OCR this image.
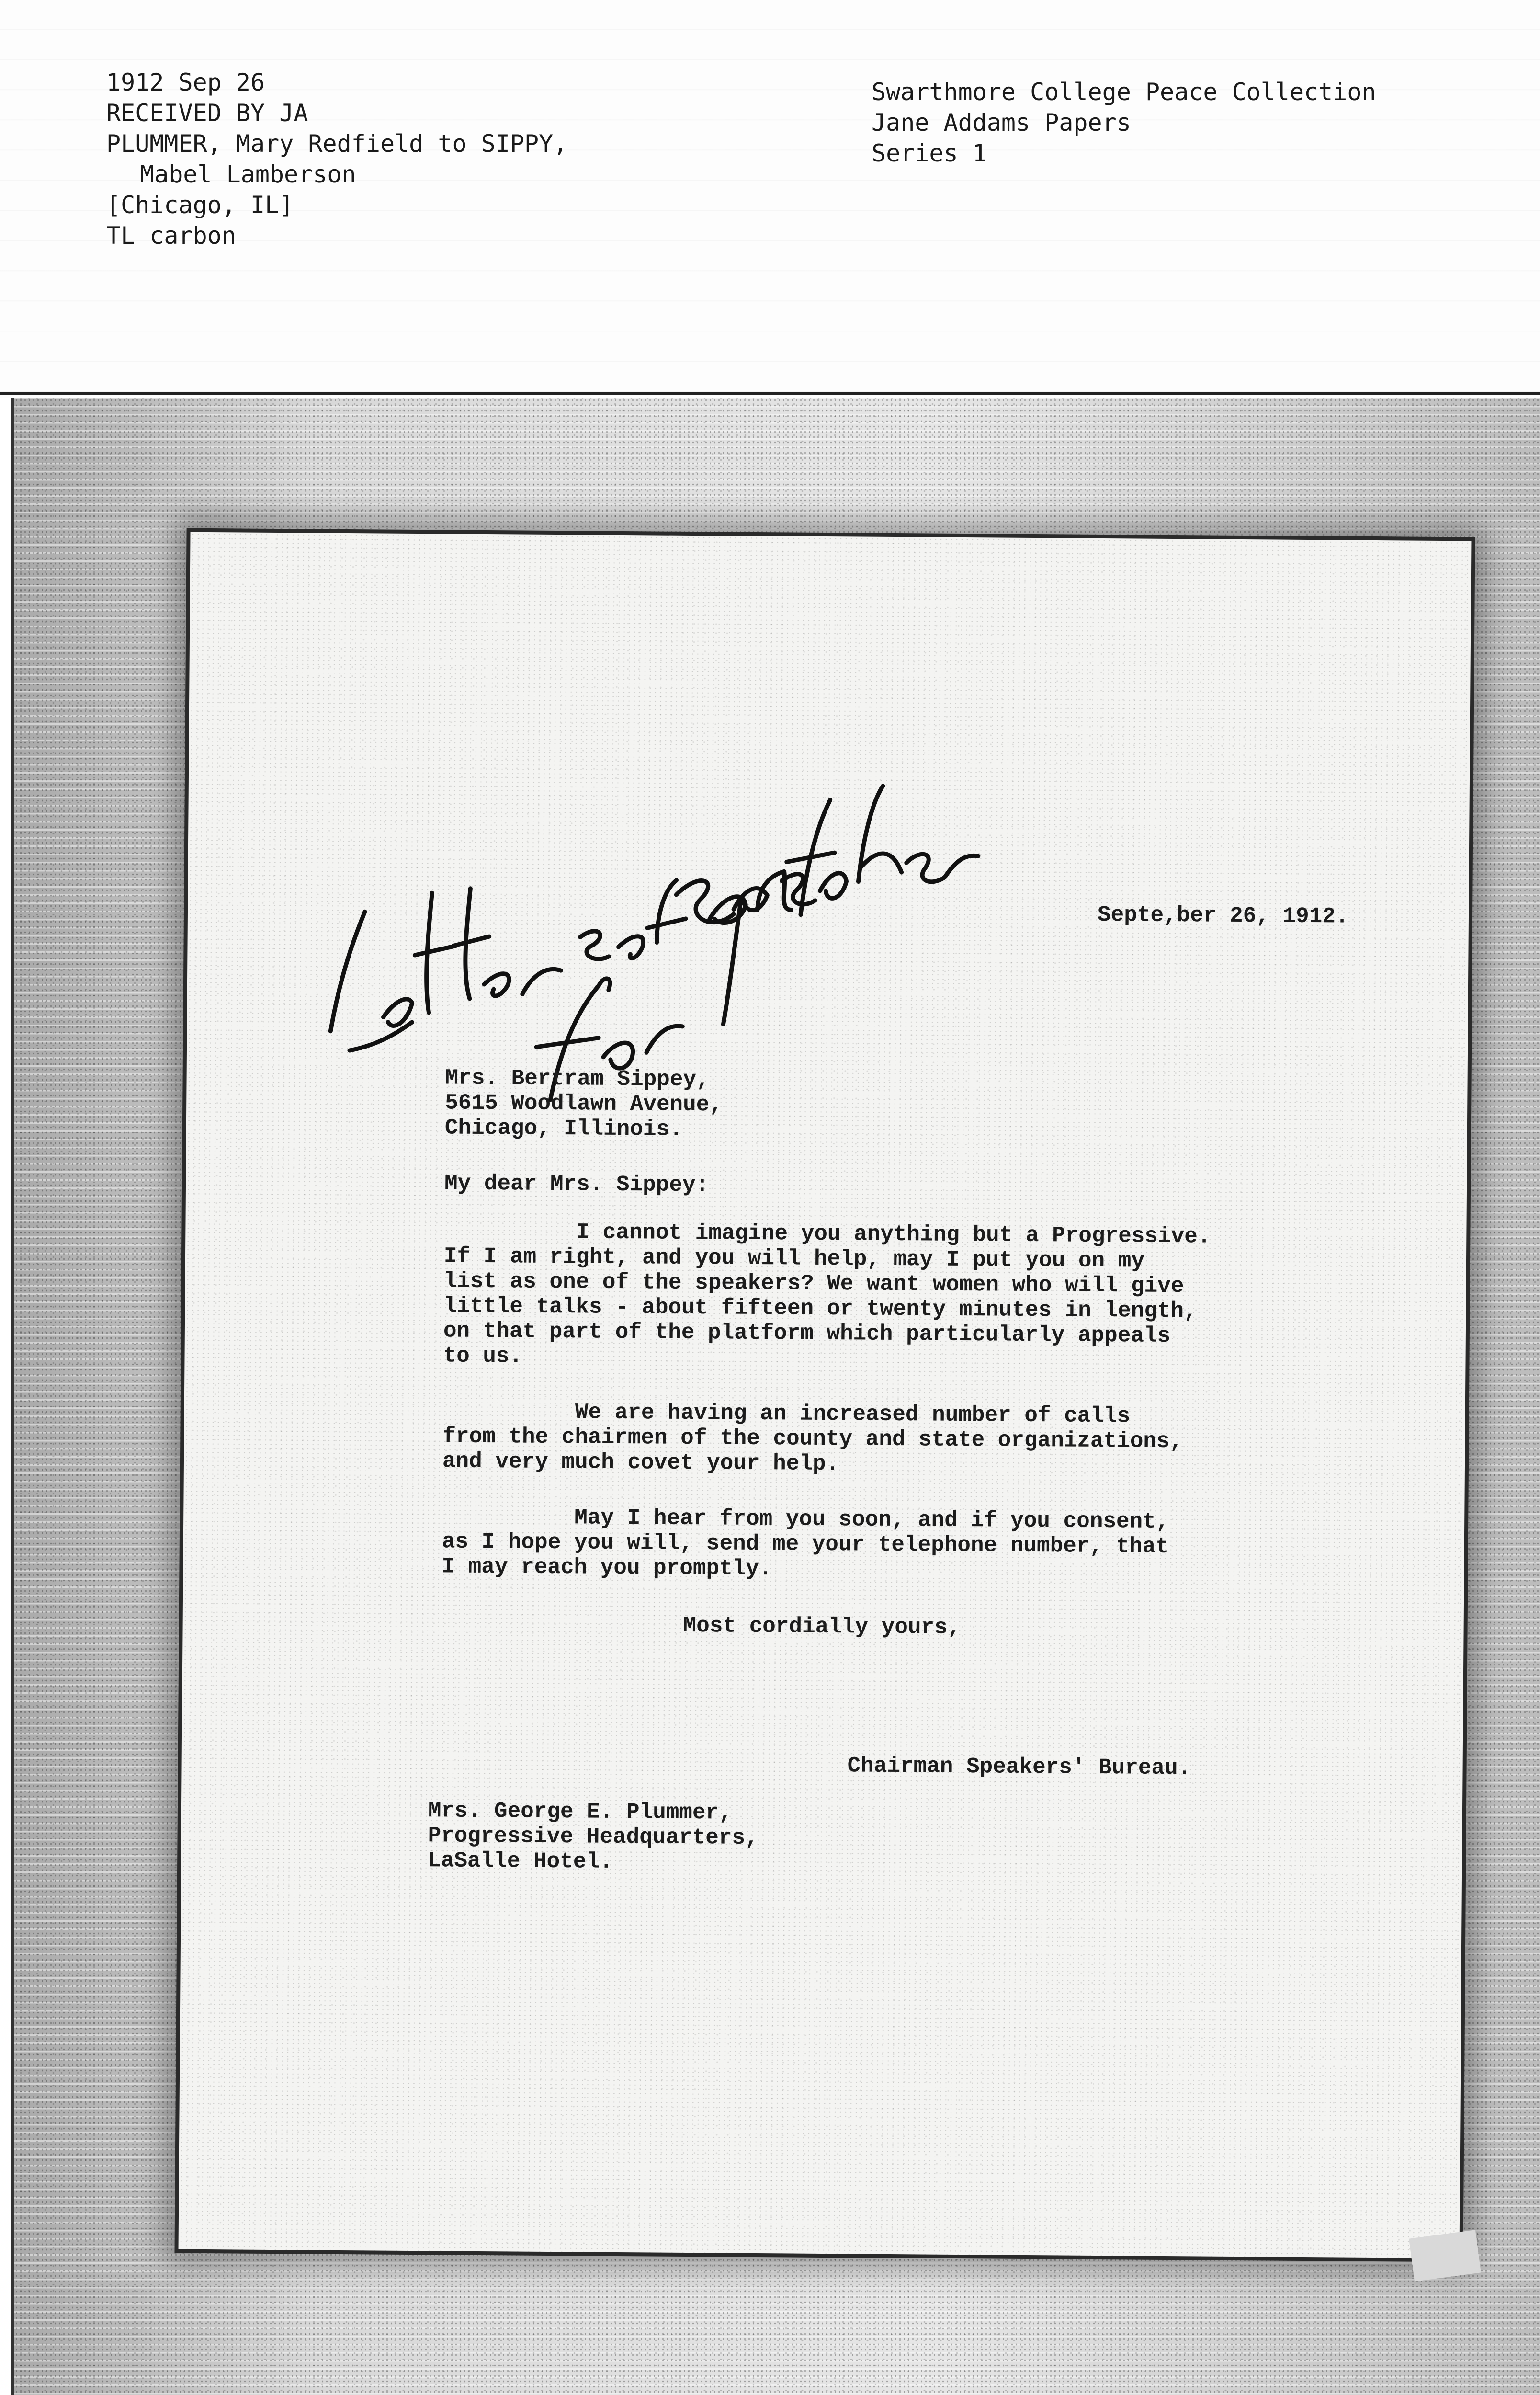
1912 Sep 26
RECEIVED BY JA
PLUMMER, Mary Redfield to SIPPY,
Mabel Lamberson
[Chicago, IL]
TL carbon
Swarthmore College Peace Collection
Jane Addams Papers
Series 1
Septe,ber 26, 1912.
Mrs. Bertram Sippey,
5615 Woodlawn Avenue,
Chicago, Illinois.
My dear Mrs. Sippey:

I cannot imagine you anything but a Progressive.

If I am right, and you will help, may I put you on my

list as one of the speakers? We want women who will give

little talks - about fifteen or twenty minutes in length,

on that part of the platform which particularly appeals

to us.

We are having an increased number of calls

from the chairmen of the county and state organizations,

and very much covet your help.

May I hear from you soon, and if you consent,

as I hope you will, send me your telephone number, that

I may reach you promptly.

Most cordially yours,
Chairman Speakers' Bureau.
Mrs. George E. Plummer,
Progressive Headquarters,
LaSalle Hotel.
